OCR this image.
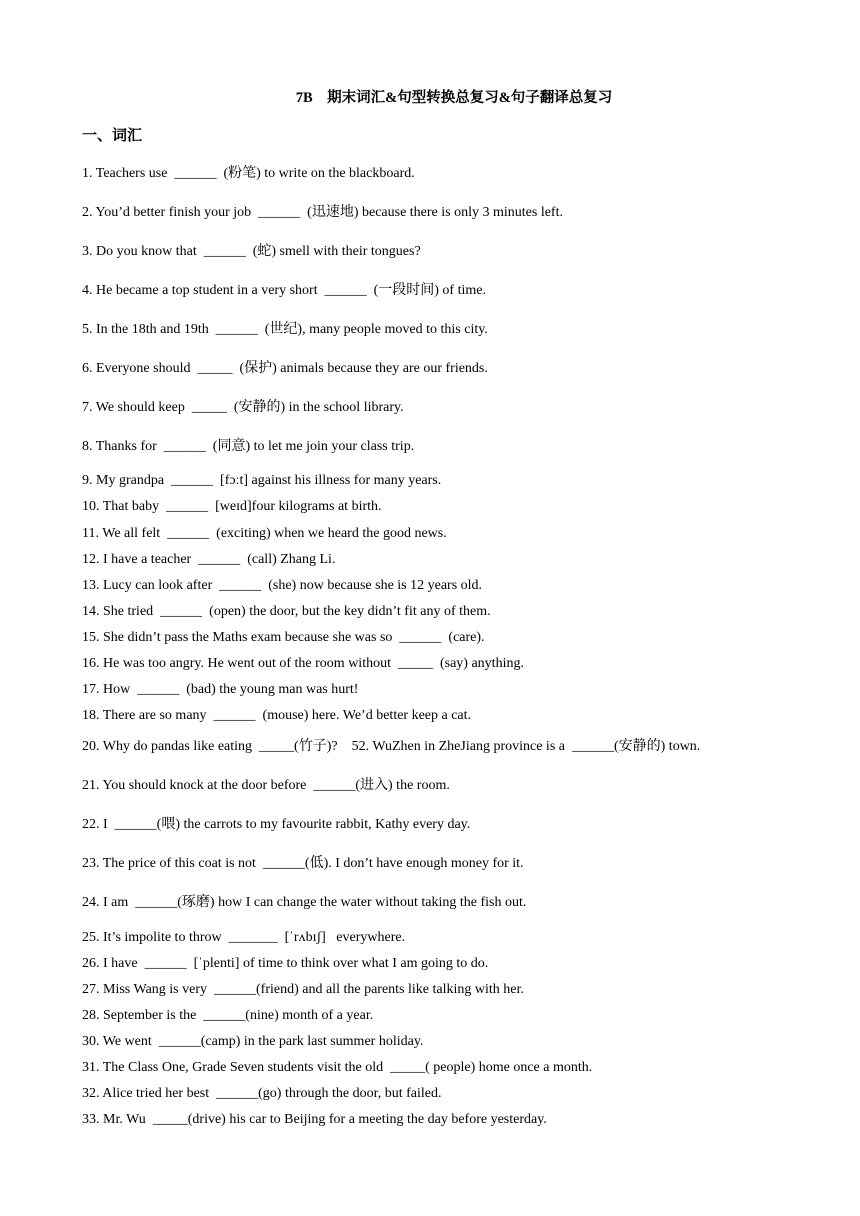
7B　期末词汇&句型转换总复习&句子翻译总复习
一、词汇
1. Teachers use  ______  (粉笔) to write on the blackboard.
2. You’d better finish your job  ______  (迅速地) because there is only 3 minutes left.
3. Do you know that  ______  (蛇) smell with their tongues?
4. He became a top student in a very short  ______  (一段时间) of time.
5. In the 18th and 19th  ______  (世纪), many people moved to this city.
6. Everyone should  _____  (保护) animals because they are our friends.
7. We should keep  _____  (安静的) in the school library.
8. Thanks for  ______  (同意) to let me join your class trip.
9. My grandpa  ______  [fɔːt] against his illness for many years.
10. That baby  ______  [weɪd]four kilograms at birth.
11. We all felt  ______  (exciting) when we heard the good news.
12. I have a teacher  ______  (call) Zhang Li.
13. Lucy can look after  ______  (she) now because she is 12 years old.
14. She tried  ______  (open) the door, but the key didn’t fit any of them.
15. She didn’t pass the Maths exam because she was so  ______  (care).
16. He was too angry. He went out of the room without  _____  (say) anything.
17. How  ______  (bad) the young man was hurt!
18. There are so many  ______  (mouse) here. We’d better keep a cat.
20. Why do pandas like eating  _____(竹子)?    52. WuZhen in ZheJiang province is a  ______(安静的) town.
21. You should knock at the door before  ______(进入) the room.
22. I  ______(喂) the carrots to my favourite rabbit, Kathy every day.
23. The price of this coat is not  ______(低). I don’t have enough money for it.
24. I am  ______(琢磨) how I can change the water without taking the fish out.
25. It’s impolite to throw  _______  [ˈrʌbɪʃ]   everywhere.
26. I have  ______  [ˈplenti] of time to think over what I am going to do.
27. Miss Wang is very  ______(friend) and all the parents like talking with her.
28. September is the  ______(nine) month of a year.
30. We went  ______(camp) in the park last summer holiday.
31. The Class One, Grade Seven students visit the old  _____( people) home once a month.
32. Alice tried her best  ______(go) through the door, but failed.
33. Mr. Wu  _____(drive) his car to Beijing for a meeting the day before yesterday.
